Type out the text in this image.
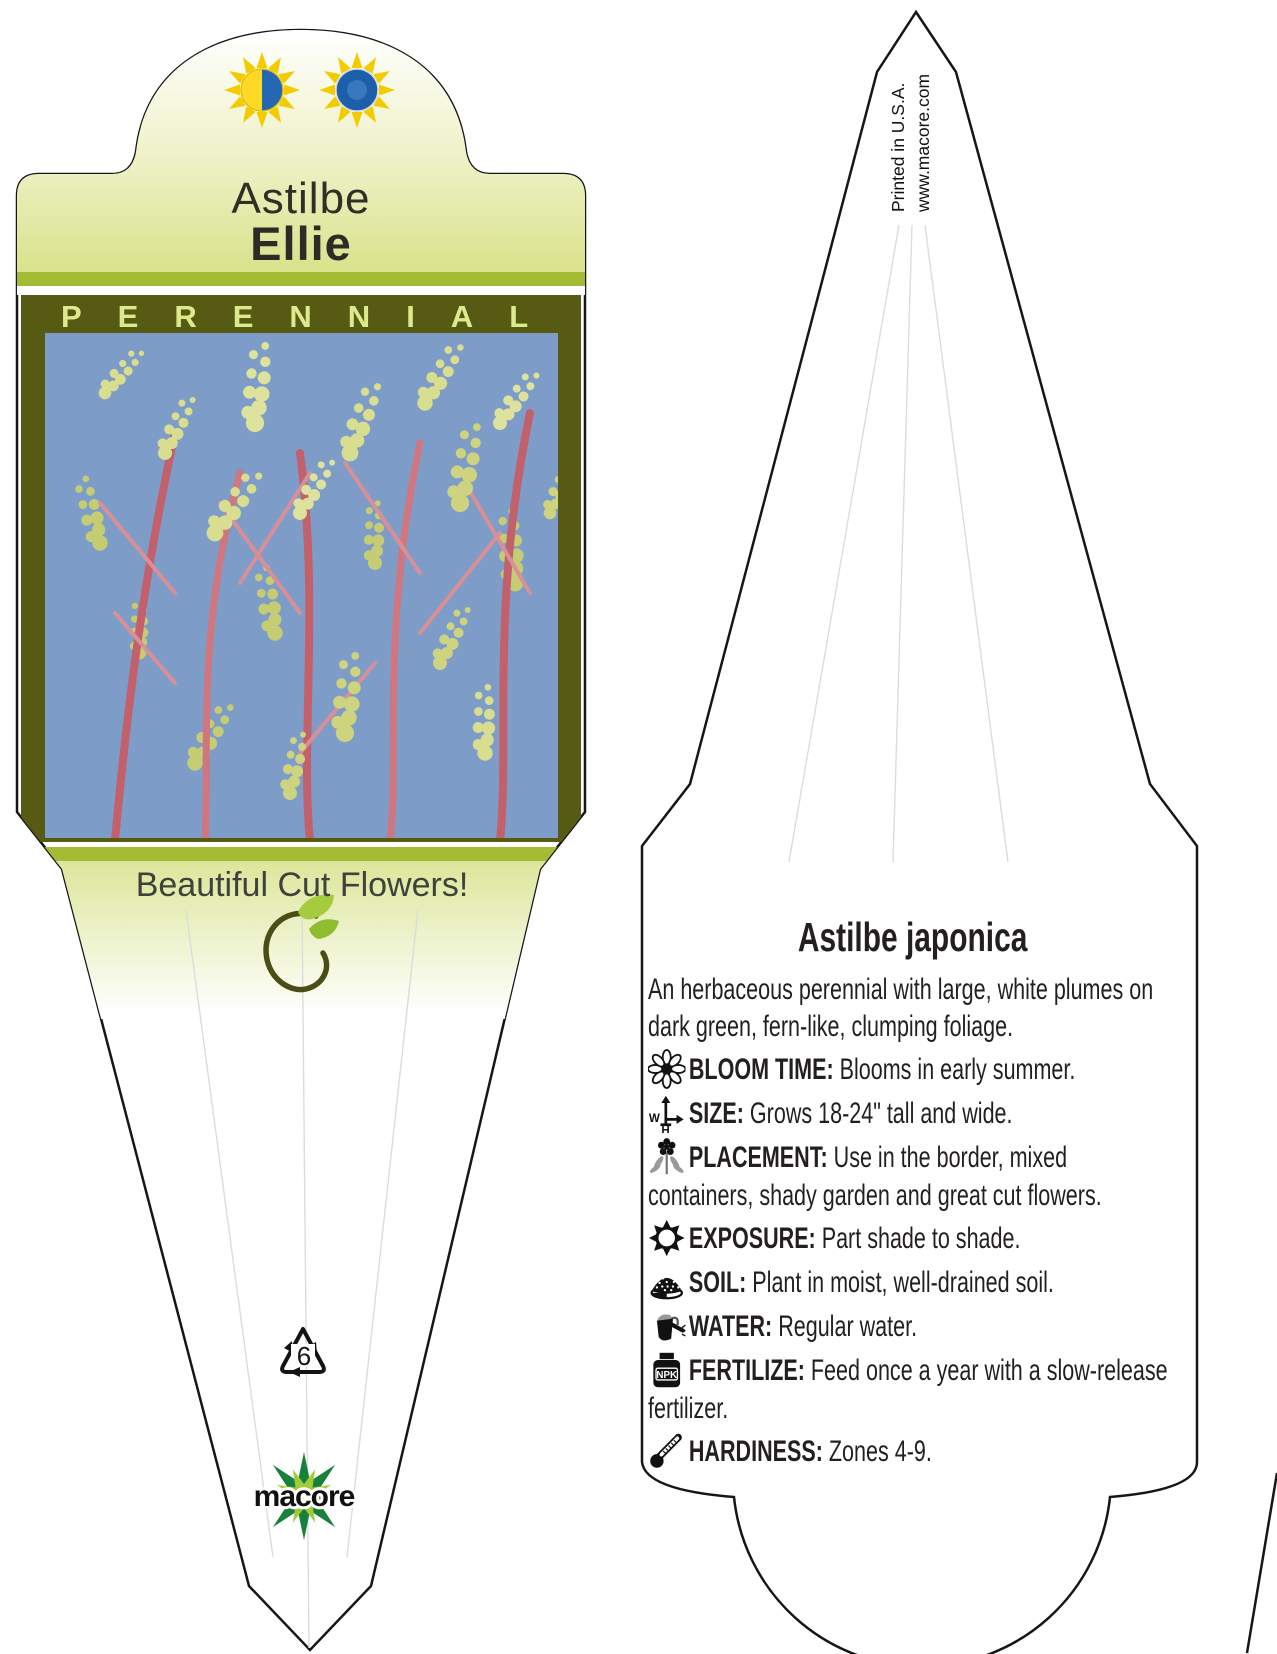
macore
Astilbe
Ellie
PERENNIAL
Beautiful Cut Flowers!
6
Printed in U.S.A. www.macore.com
Astilbe japonica

An herbaceous perennial with large, white plumes on dark green, fern-like, clumping foliage.

BLOOM TIME: Blooms in early summer.

W
H
SIZE: Grows 18-24" tall and wide.

PLACEMENT: Use in the border, mixed containers, shady garden and great cut flowers.

EXPOSURE: Part shade to shade.

SOIL: Plant in moist, well-drained soil.

WATER: Regular water.

NPK FERTILIZE: Feed once a year with a slow-release fertilizer.

HARDINESS: Zones 4-9.
